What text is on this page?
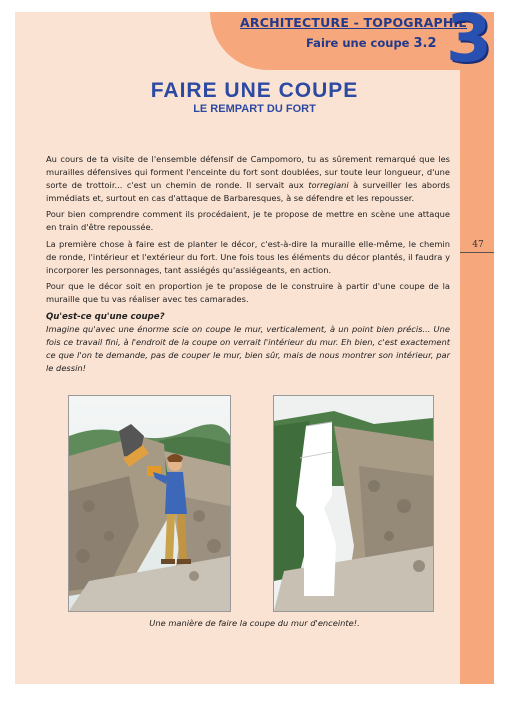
ARCHITECTURE - TOPOGRAPHIE
Faire une coupe 3.2 3
FAIRE UNE COUPE
LE REMPART DU FORT
Au cours de ta visite de l'ensemble défensif de Campomoro, tu as sûrement remarqué que les murailles défensives qui forment l'enceinte du fort sont doublées, sur toute leur longueur, d'une sorte de trottoir... c'est un chemin de ronde. Il servait aux torregiani à surveiller les abords immédiats et, surtout en cas d'attaque de Barbaresques, à se défendre et les repousser.
Pour bien comprendre comment ils procédaient, je te propose de mettre en scène une attaque en train d'être repoussée.
La première chose à faire est de planter le décor, c'est-à-dire la muraille elle-même, le chemin de ronde, l'intérieur et l'extérieur du fort. Une fois tous les éléments du décor plantés, il faudra y incorporer les personnages, tant assiégés qu'assiégeants, en action.
Pour que le décor soit en proportion je te propose de le construire à partir d'une coupe de la muraille que tu vas réaliser avec tes camarades.
Qu'est-ce qu'une coupe?
Imagine qu'avec une énorme scie on coupe le mur, verticalement, à un point bien précis... Une fois ce travail fini, à l'endroit de la coupe on verrait l'intérieur du mur. Eh bien, c'est exactement ce que l'on te demande, pas de couper le mur, bien sûr, mais de nous montrer son intérieur, par le dessin!
47
Une manière de faire la coupe du mur d'enceinte!.
